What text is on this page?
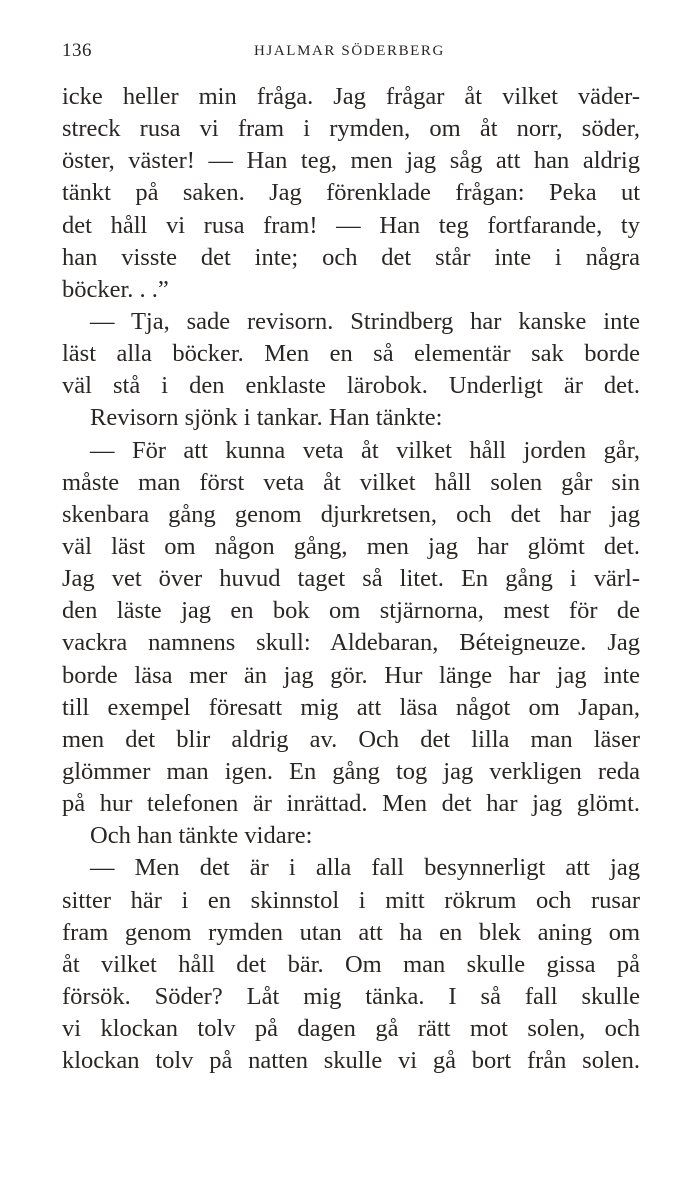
136	HJALMAR SÖDERBERG
icke heller min fråga. Jag frågar åt vilket väder-
streck rusa vi fram i rymden, om åt norr, söder,
öster, väster! — Han teg, men jag såg att han aldrig
tänkt på saken. Jag förenklade frågan: Peka ut
det håll vi rusa fram! — Han teg fortfarande, ty
han visste det inte; och det står inte i några
böcker. . .”
— Tja, sade revisorn. Strindberg har kanske inte
läst alla böcker. Men en så elementär sak borde
väl stå i den enklaste lärobok. Underligt är det.
Revisorn sjönk i tankar. Han tänkte:
— För att kunna veta åt vilket håll jorden går,
måste man först veta åt vilket håll solen går sin
skenbara gång genom djurkretsen, och det har jag
väl läst om någon gång, men jag har glömt det.
Jag vet över huvud taget så litet. En gång i värl-
den läste jag en bok om stjärnorna, mest för de
vackra namnens skull: Aldebaran, Béteigneuze. Jag
borde läsa mer än jag gör. Hur länge har jag inte
till exempel föresatt mig att läsa något om Japan,
men det blir aldrig av. Och det lilla man läser
glömmer man igen. En gång tog jag verkligen reda
på hur telefonen är inrättad. Men det har jag glömt.
Och han tänkte vidare:
— Men det är i alla fall besynnerligt att jag
sitter här i en skinnstol i mitt rökrum och rusar
fram genom rymden utan att ha en blek aning om
åt vilket håll det bär. Om man skulle gissa på
försök. Söder? Låt mig tänka. I så fall skulle
vi klockan tolv på dagen gå rätt mot solen, och
klockan tolv på natten skulle vi gå bort från solen.
